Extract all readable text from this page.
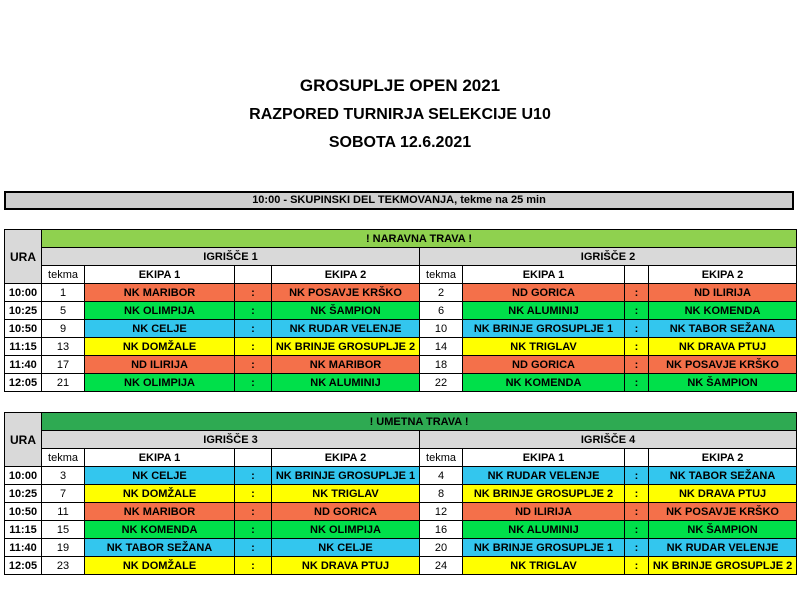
GROSUPLJE OPEN 2021
RAZPORED TURNIRJA SELEKCIJE U10
SOBOTA 12.6.2021
10:00 - SKUPINSKI DEL TEKMOVANJA, tekme na 25 min
URA	! NARAVNA TRAVA !							
	IGRIŠČE 1				IGRIŠČE 2			
	tekma	EKIPA 1		EKIPA 2	tekma	EKIPA 1		EKIPA 2
10:00	1	NK MARIBOR	:	NK POSAVJE KRŠKO	2	ND GORICA	:	ND ILIRIJA
10:25	5	NK OLIMPIJA	:	NK ŠAMPION	6	NK ALUMINIJ	:	NK KOMENDA
10:50	9	NK CELJE	:	NK RUDAR VELENJE	10	NK BRINJE GROSUPLJE 1	:	NK TABOR SEŽANA
11:15	13	NK DOMŽALE	:	NK BRINJE GROSUPLJE 2	14	NK TRIGLAV	:	NK DRAVA PTUJ
11:40	17	ND ILIRIJA	:	NK MARIBOR	18	ND GORICA	:	NK POSAVJE KRŠKO
12:05	21	NK OLIMPIJA	:	NK ALUMINIJ	22	NK KOMENDA	:	NK ŠAMPION
URA	! UMETNA TRAVA !							
	IGRIŠČE 3				IGRIŠČE 4			
	tekma	EKIPA 1		EKIPA 2	tekma	EKIPA 1		EKIPA 2
10:00	3	NK CELJE	:	NK BRINJE GROSUPLJE 1	4	NK RUDAR VELENJE	:	NK TABOR SEŽANA
10:25	7	NK DOMŽALE	:	NK TRIGLAV	8	NK BRINJE GROSUPLJE 2	:	NK DRAVA PTUJ
10:50	11	NK MARIBOR	:	ND GORICA	12	ND ILIRIJA	:	NK POSAVJE KRŠKO
11:15	15	NK KOMENDA	:	NK OLIMPIJA	16	NK ALUMINIJ	:	NK ŠAMPION
11:40	19	NK TABOR SEŽANA	:	NK CELJE	20	NK BRINJE GROSUPLJE 1	:	NK RUDAR VELENJE
12:05	23	NK DOMŽALE	:	NK DRAVA PTUJ	24	NK TRIGLAV	:	NK BRINJE GROSUPLJE 2
